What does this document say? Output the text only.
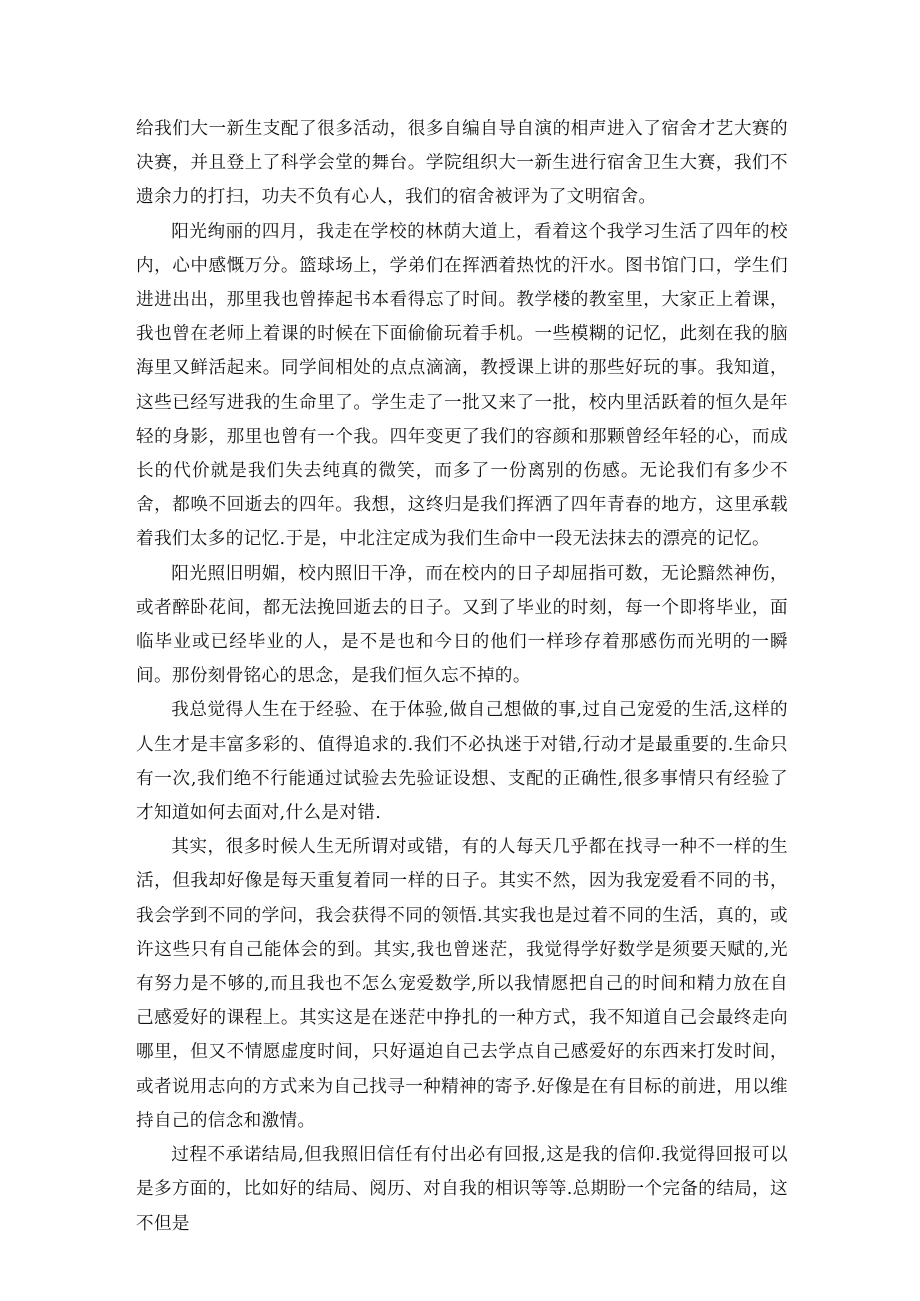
给我们大一新生支配了很多活动，很多自编自导自演的相声进入了宿舍才艺大赛的决赛，并且登上了科学会堂的舞台。学院组织大一新生进行宿舍卫生大赛，我们不遗余力的打扫，功夫不负有心人，我们的宿舍被评为了文明宿舍。

阳光绚丽的四月，我走在学校的林荫大道上，看着这个我学习生活了四年的校内，心中感慨万分。篮球场上，学弟们在挥洒着热忱的汗水。图书馆门口，学生们进进出出，那里我也曾捧起书本看得忘了时间。教学楼的教室里，大家正上着课，我也曾在老师上着课的时候在下面偷偷玩着手机。一些模糊的记忆，此刻在我的脑海里又鲜活起来。同学间相处的点点滴滴，教授课上讲的那些好玩的事。我知道，这些已经写进我的生命里了。学生走了一批又来了一批，校内里活跃着的恒久是年轻的身影，那里也曾有一个我。四年变更了我们的容颜和那颗曾经年轻的心，而成长的代价就是我们失去纯真的微笑，而多了一份离别的伤感。无论我们有多少不舍，都唤不回逝去的四年。我想，这终归是我们挥洒了四年青春的地方，这里承载着我们太多的记忆.于是，中北注定成为我们生命中一段无法抹去的漂亮的记忆。

阳光照旧明媚，校内照旧干净，而在校内的日子却屈指可数，无论黯然神伤，或者醉卧花间，都无法挽回逝去的日子。又到了毕业的时刻，每一个即将毕业，面临毕业或已经毕业的人，是不是也和今日的他们一样珍存着那感伤而光明的一瞬间。那份刻骨铭心的思念，是我们恒久忘不掉的。

我总觉得人生在于经验、在于体验,做自己想做的事,过自己宠爱的生活,这样的人生才是丰富多彩的、值得追求的.我们不必执迷于对错,行动才是最重要的.生命只有一次,我们绝不行能通过试验去先验证设想、支配的正确性,很多事情只有经验了才知道如何去面对,什么是对错.

其实，很多时候人生无所谓对或错，有的人每天几乎都在找寻一种不一样的生活，但我却好像是每天重复着同一样的日子。其实不然，因为我宠爱看不同的书，我会学到不同的学问，我会获得不同的领悟.其实我也是过着不同的生活，真的，或许这些只有自己能体会的到。其实,我也曾迷茫，我觉得学好数学是须要天赋的,光有努力是不够的,而且我也不怎么宠爱数学,所以我情愿把自己的时间和精力放在自己感爱好的课程上。其实这是在迷茫中挣扎的一种方式，我不知道自己会最终走向哪里，但又不情愿虚度时间，只好逼迫自己去学点自己感爱好的东西来打发时间，或者说用志向的方式来为自己找寻一种精神的寄予.好像是在有目标的前进，用以维持自己的信念和激情。

过程不承诺结局,但我照旧信任有付出必有回报,这是我的信仰.我觉得回报可以是多方面的，比如好的结局、阅历、对自我的相识等等.总期盼一个完备的结局，这不但是
